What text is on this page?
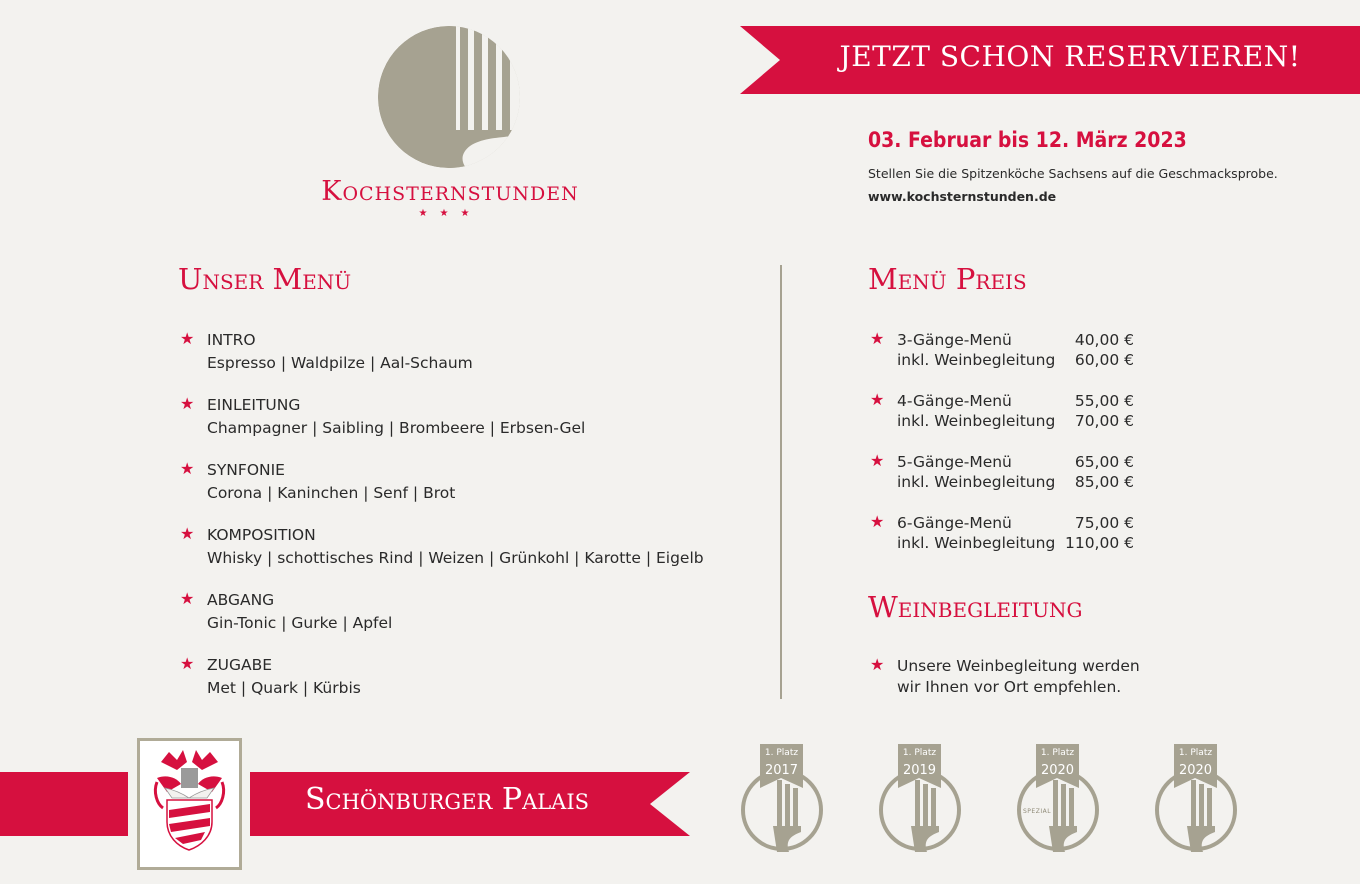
Kochsternstunden
★★★
JETZT SCHON RESERVIEREN!
03. Februar bis 12. März 2023
Stellen Sie die Spitzenköche Sachsens auf die Geschmacksprobe.
www.kochsternstunden.de
Unser Menü
★ INTRO
Espresso | Waldpilze | Aal-Schaum
★ EINLEITUNG
Champagner | Saibling | Brombeere | Erbsen-Gel
★ SYNFONIE
Corona | Kaninchen | Senf | Brot
★ KOMPOSITION
Whisky | schottisches Rind | Weizen | Grünkohl | Karotte | Eigelb
★ ABGANG
Gin-Tonic | Gurke | Apfel
★ ZUGABE
Met | Quark | Kürbis
Menü Preis
★ 3-Gänge-Menü	40,00 €
inkl. Weinbegleitung 60,00 €
★ 4-Gänge-Menü	55,00 €
inkl. Weinbegleitung 70,00 €
★ 5-Gänge-Menü	65,00 €
inkl. Weinbegleitung 85,00 €
★ 6-Gänge-Menü	75,00 €
inkl. Weinbegleitung 110,00 €
Weinbegleitung
★ Unsere Weinbegleitung werden
wir Ihnen vor Ort empfehlen.
Schönburger Palais
1. Platz
2017
1. Platz
2019
1. Platz
2020
SPEZIAL
1. Platz
2020
